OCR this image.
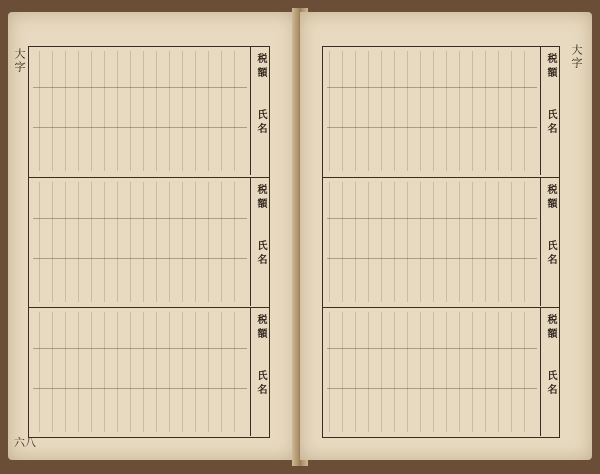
大字	税額
氏名
税額
氏名
税額
氏名
六八
大字
税額
氏名
税額
氏名
税額
氏名
